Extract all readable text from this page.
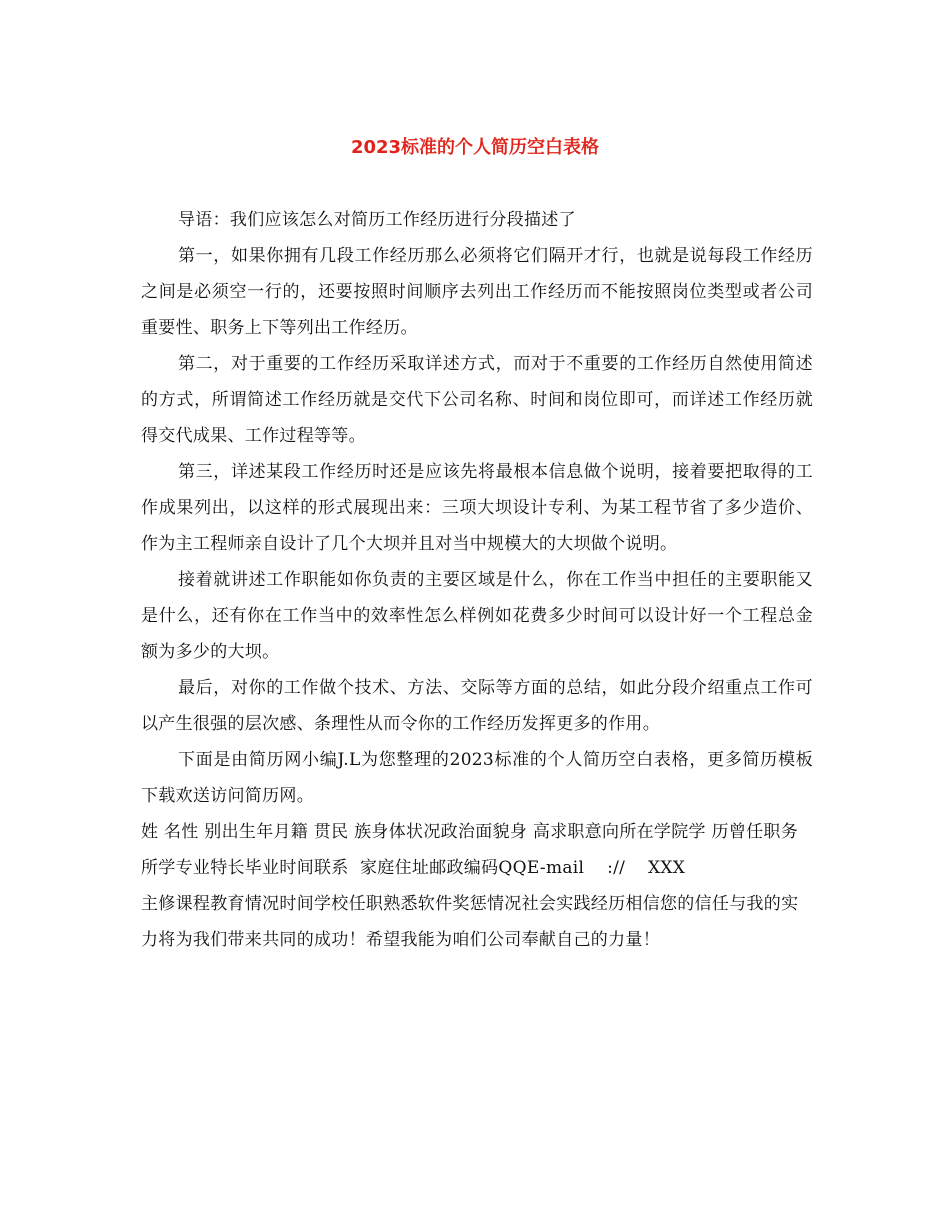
2023标准的个人简历空白表格

导语：我们应该怎么对简历工作经历进行分段描述了

第一，如果你拥有几段工作经历那么必须将它们隔开才行，也就是说每段工作经历之间是必须空一行的，还要按照时间顺序去列出工作经历而不能按照岗位类型或者公司重要性、职务上下等列出工作经历。

第二，对于重要的工作经历采取详述方式，而对于不重要的工作经历自然使用简述的方式，所谓简述工作经历就是交代下公司名称、时间和岗位即可，而详述工作经历就得交代成果、工作过程等等。

第三，详述某段工作经历时还是应该先将最根本信息做个说明，接着要把取得的工作成果列出，以这样的形式展现出来：三项大坝设计专利、为某工程节省了多少造价、作为主工程师亲自设计了几个大坝并且对当中规模大的大坝做个说明。

接着就讲述工作职能如你负责的主要区域是什么，你在工作当中担任的主要职能又是什么，还有你在工作当中的效率性怎么样例如花费多少时间可以设计好一个工程总金额为多少的大坝。

最后，对你的工作做个技术、方法、交际等方面的总结，如此分段介绍重点工作可以产生很强的层次感、条理性从而令你的工作经历发挥更多的作用。

下面是由简历网小编J.L为您整理的2023标准的个人简历空白表格，更多简历模板下载欢送访问简历网。

姓 名性 别出生年月籍 贯民 族身体状况政治面貌身 高求职意向所在学院学 历曾任职务所学专业特长毕业时间联系  家庭住址邮政编码QQE-mail    ://    XXX
主修课程教育情况时间学校任职熟悉软件奖惩情况社会实践经历相信您的信任与我的实力将为我们带来共同的成功！希望我能为咱们公司奉献自己的力量！
